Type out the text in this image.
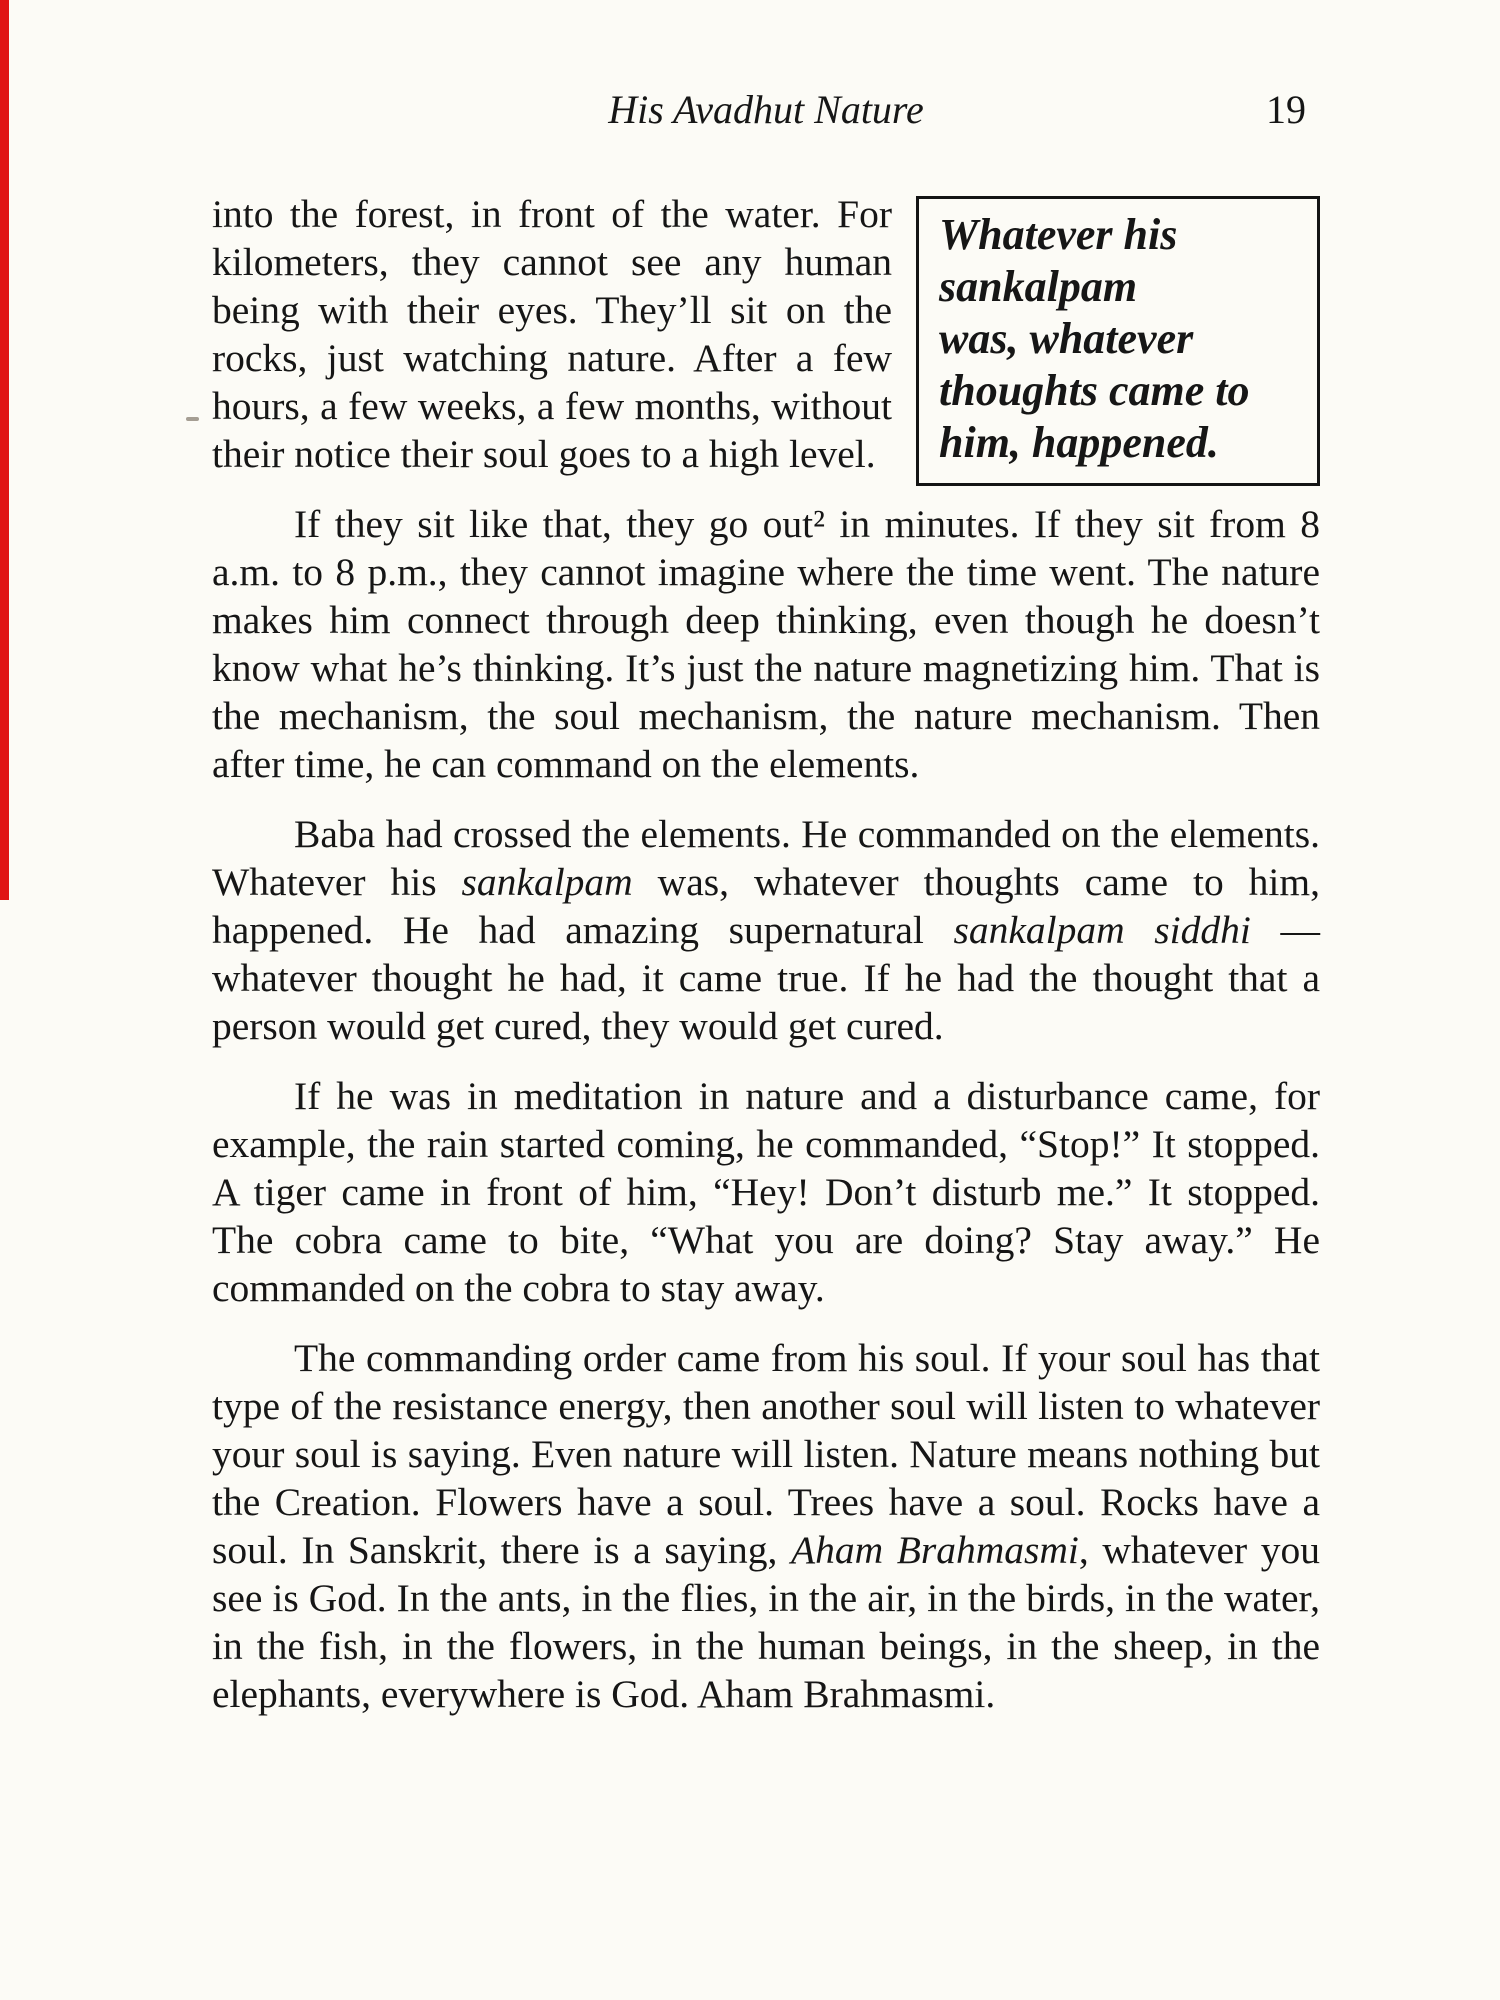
His Avadhut Nature	19

Whatever his
sankalpam
was, whatever
thoughts came to
him, happened.
into the forest, in front of the water. For kilometers, they cannot see any human being with their eyes. They’ll sit on the rocks, just watching nature. After a few hours, a few weeks, a few months, without their notice their soul goes to a high level.

If they sit like that, they go out² in minutes. If they sit from 8 a.m. to 8 p.m., they cannot imagine where the time went. The nature makes him connect through deep thinking, even though he doesn’t know what he’s thinking. It’s just the nature magnetizing him. That is the mechanism, the soul mechanism, the nature mechanism. Then after time, he can command on the elements.

Baba had crossed the elements. He commanded on the elements. Whatever his sankalpam was, whatever thoughts came to him, happened. He had amazing supernatural sankalpam siddhi — whatever thought he had, it came true. If he had the thought that a person would get cured, they would get cured.

If he was in meditation in nature and a disturbance came, for example, the rain started coming, he commanded, “Stop!” It stopped. A tiger came in front of him, “Hey! Don’t disturb me.” It stopped. The cobra came to bite, “What you are doing? Stay away.” He commanded on the cobra to stay away.

The commanding order came from his soul. If your soul has that type of the resistance energy, then another soul will listen to whatever your soul is saying. Even nature will listen. Nature means nothing but the Creation. Flowers have a soul. Trees have a soul. Rocks have a soul. In Sanskrit, there is a saying, Aham Brahmasmi, whatever you see is God. In the ants, in the flies, in the air, in the birds, in the water, in the fish, in the flowers, in the human beings, in the sheep, in the elephants, everywhere is God. Aham Brahmasmi.
